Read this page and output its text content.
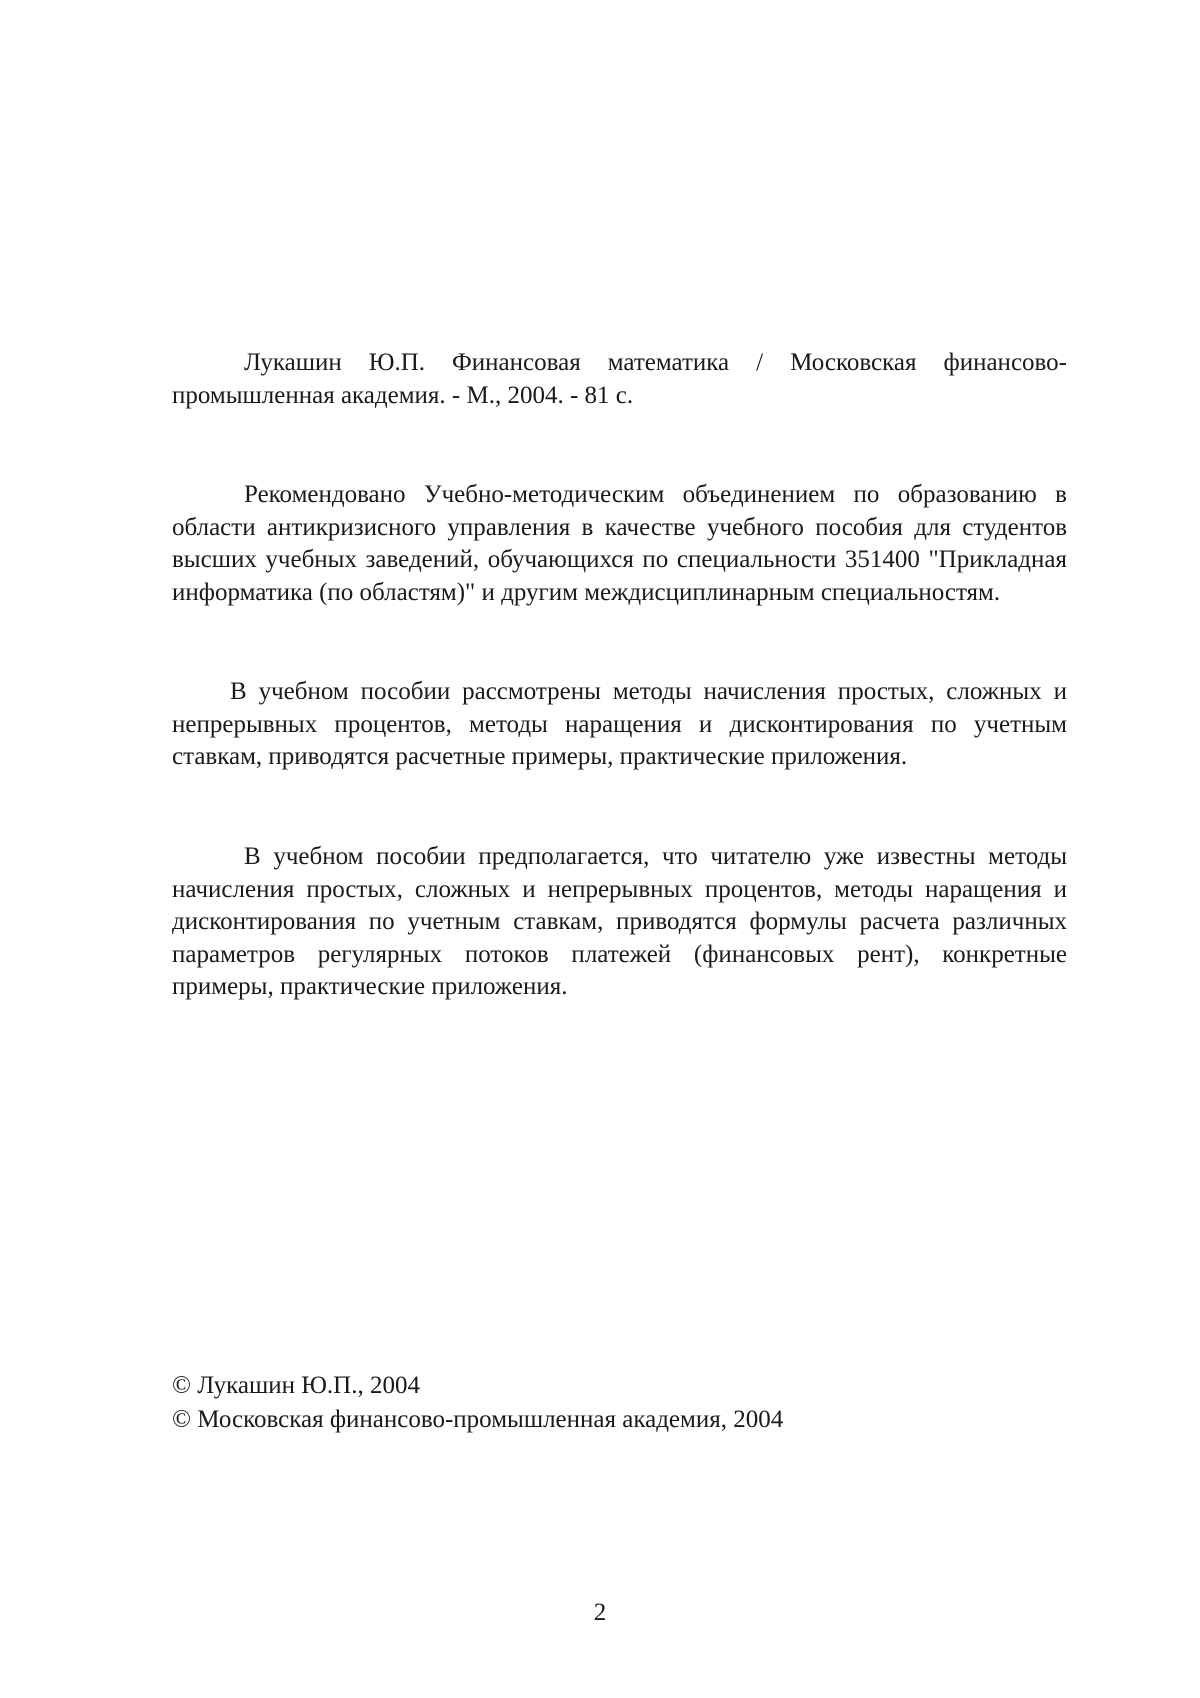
Лукашин Ю.П. Финансовая математика / Московская финансово-промышленная академия. - М., 2004. - 81 с.

Рекомендовано Учебно-методическим объединением по образованию в области антикризисного управления в качестве учебного пособия для студентов высших учебных заведений, обучающихся по специальности 351400 "Прикладная информатика (по областям)" и другим междисциплинарным специальностям.

В учебном пособии рассмотрены методы начисления простых, сложных и непрерывных процентов, методы наращения и дисконтирования по учетным ставкам, приводятся расчетные примеры, практические приложения.

В учебном пособии предполагается, что читателю уже известны методы начисления простых, сложных и непрерывных процентов, методы наращения и дисконтирования по учетным ставкам, приводятся формулы расчета различных параметров регулярных потоков платежей (финансовых рент), конкретные примеры, практические приложения.

© Лукашин Ю.П., 2004
© Московская финансово-промышленная академия, 2004
2
